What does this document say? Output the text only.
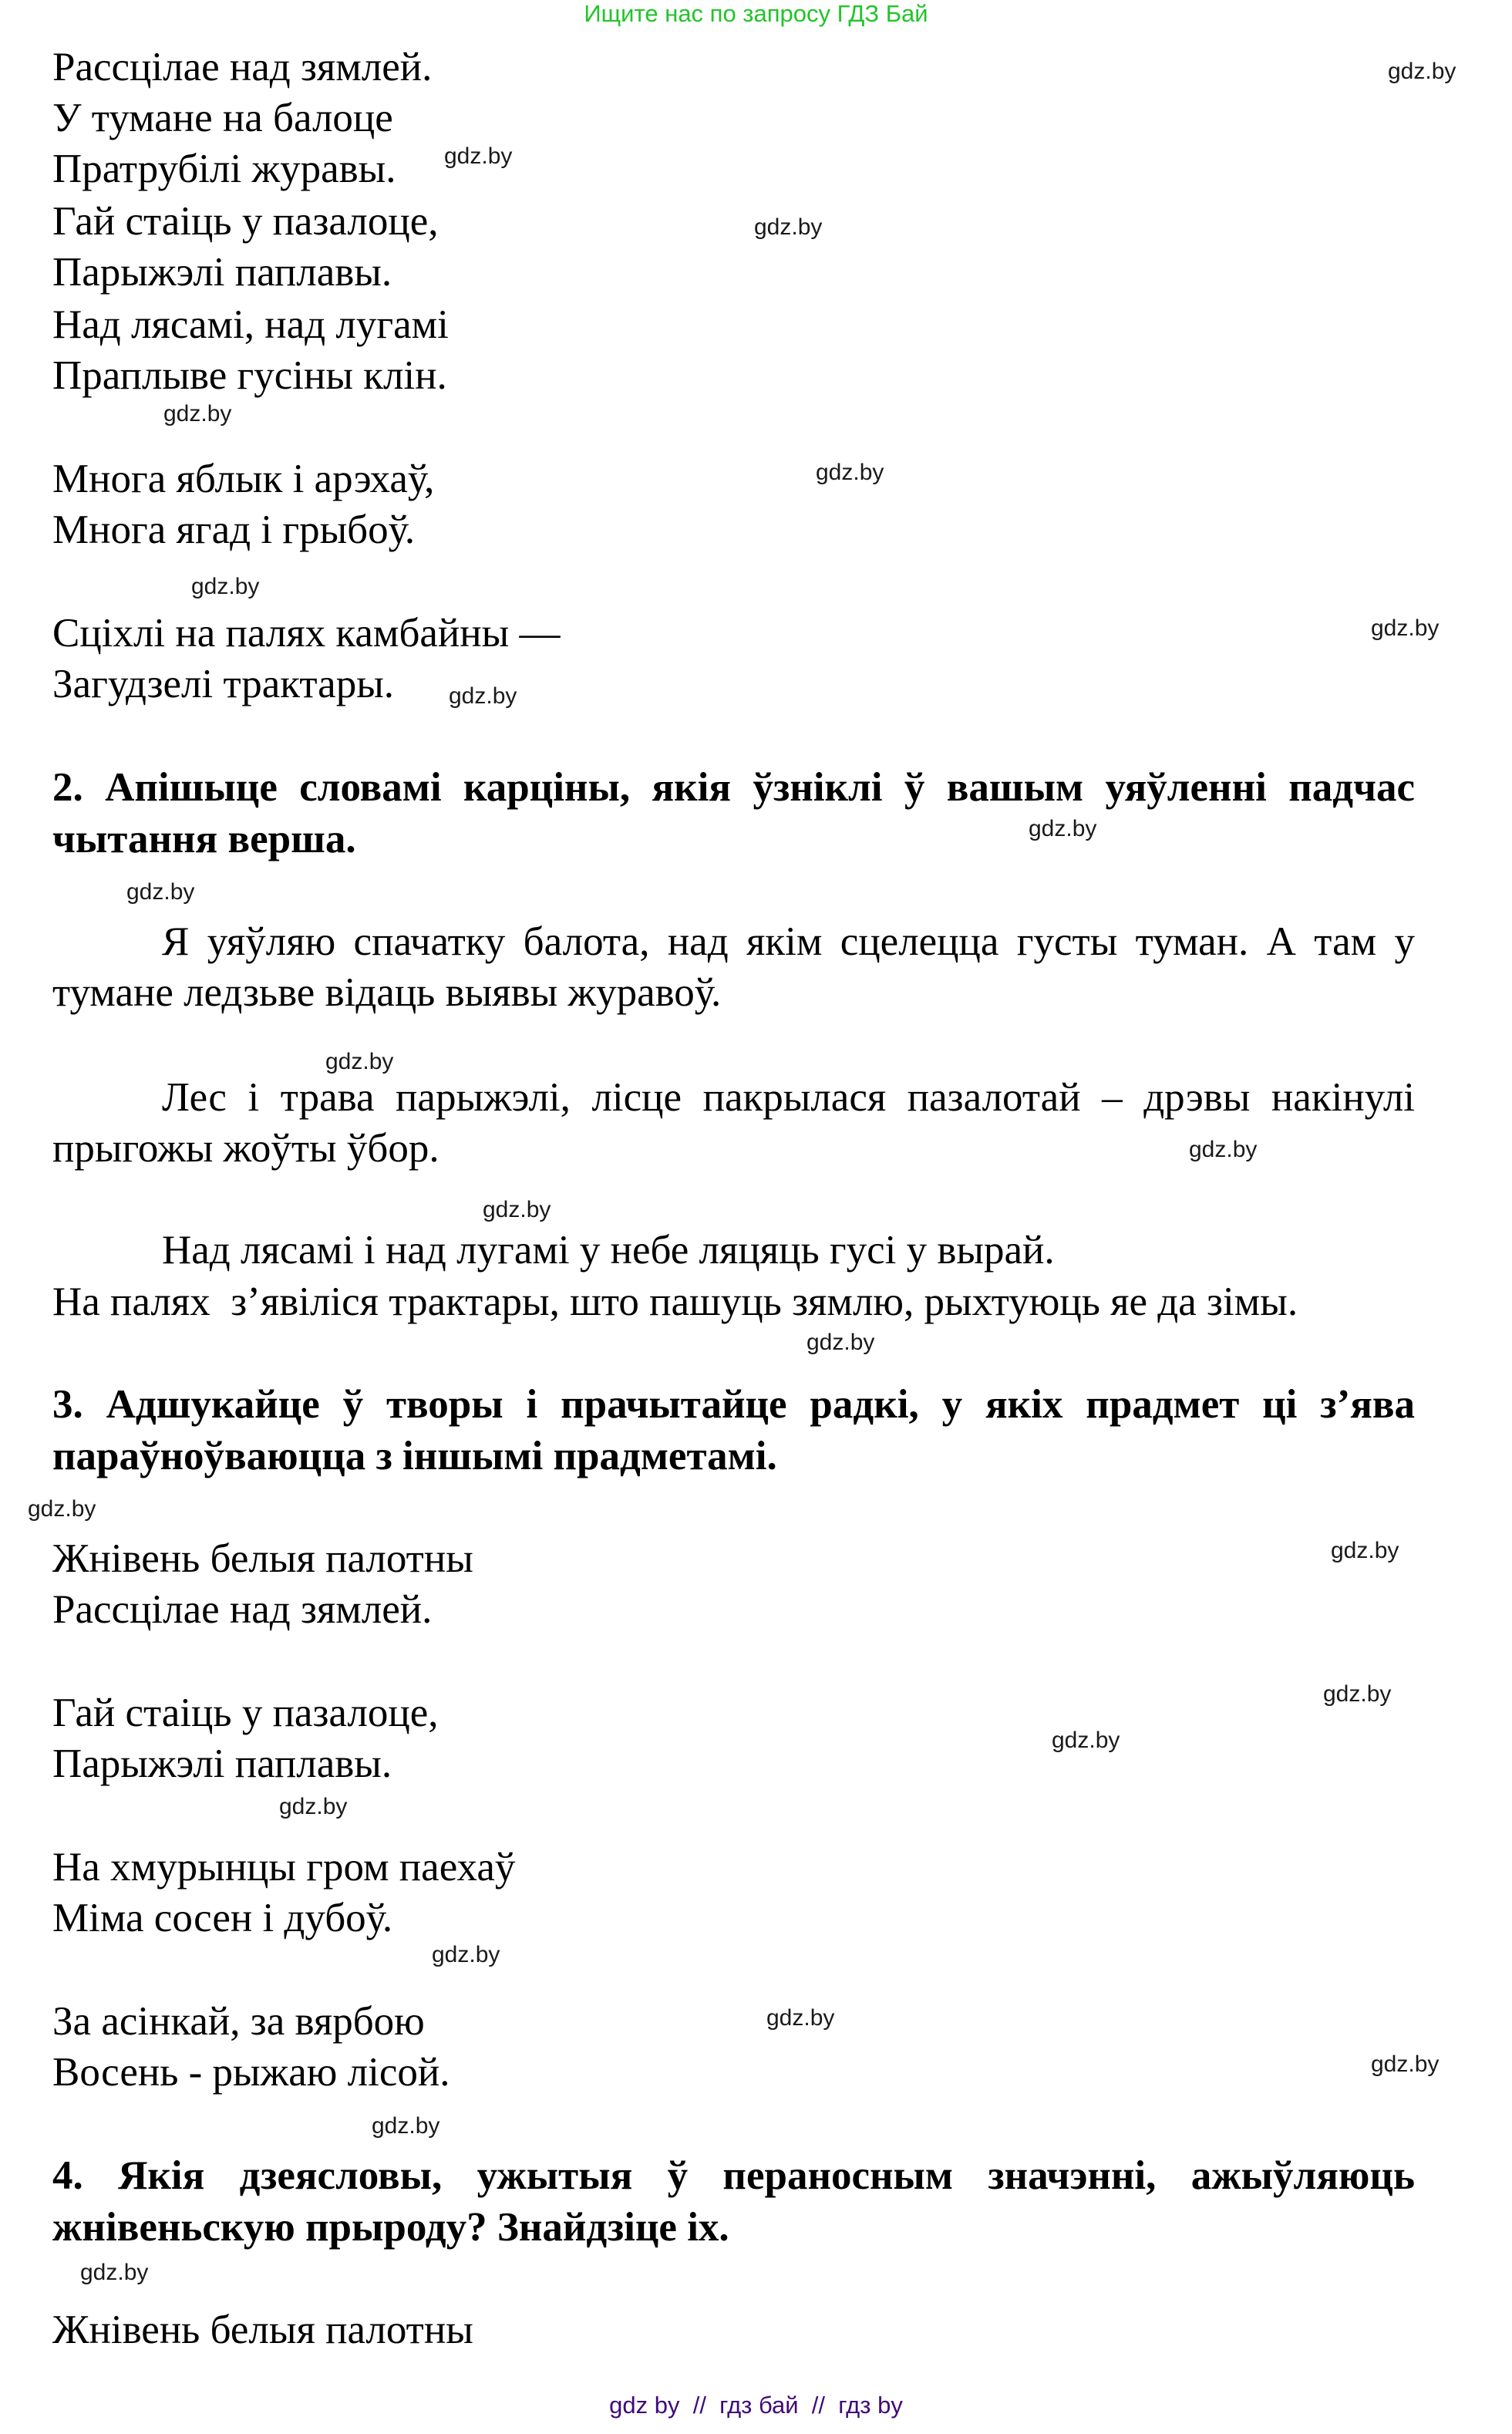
Ищите нас по запросу ГДЗ Бай
Рассцілае над зямлей.
У тумане на балоце
Пратрубілі журавы.
Гай стаіць у пазалоце,
Парыжэлі паплавы.
Над лясамі, над лугамі
Праплыве гусіны клін.
Многа яблык і арэхаў,
Многа ягад і грыбоў.
Сціхлі на палях камбайны —
Загудзелі трактары.
2. Апішыце словамі карціны, якія ўзніклі ў вашым уяўленні падчас чытання верша.
Я уяўляю спачатку балота, над якім сцелецца густы туман. А там у тумане ледзьве відаць выявы журавоў.
Лес і трава парыжэлі, лісце пакрылася пазалотай – дрэвы накінулі прыгожы жоўты ўбор.
Над лясамі і над лугамі у небе ляцяць гусі у вырай.
На палях  з’явіліся трактары, што пашуць зямлю, рыхтуюць яе да зімы.
3. Адшукайце ў творы і прачытайце радкі, у якіх прадмет ці з’ява параўноўваюцца з іншымі прадметамі.
Жнівень белыя палотны
Рассцілае над зямлей.
Гай стаіць у пазалоце,
Парыжэлі паплавы.
На хмурынцы гром паехаў
Міма сосен і дубоў.
За асінкай, за вярбою
Восень - рыжаю лісой.
4. Якія дзеясловы, ужытыя ў пераносным значэнні, ажыўляюць жнівеньскую прыроду? Знайдзіце іх.
Жнівень белыя палотны
gdz.by
gdz.by
gdz.by
gdz.by
gdz.by
gdz.by
gdz.by
gdz.by
gdz.by
gdz.by
gdz.by
gdz.by
gdz.by
gdz.by
gdz.by
gdz.by
gdz.by
gdz.by
gdz.by
gdz.by
gdz.by
gdz.by
gdz.by
gdz.by
gdz by  //  гдз бай  //  гдз by
